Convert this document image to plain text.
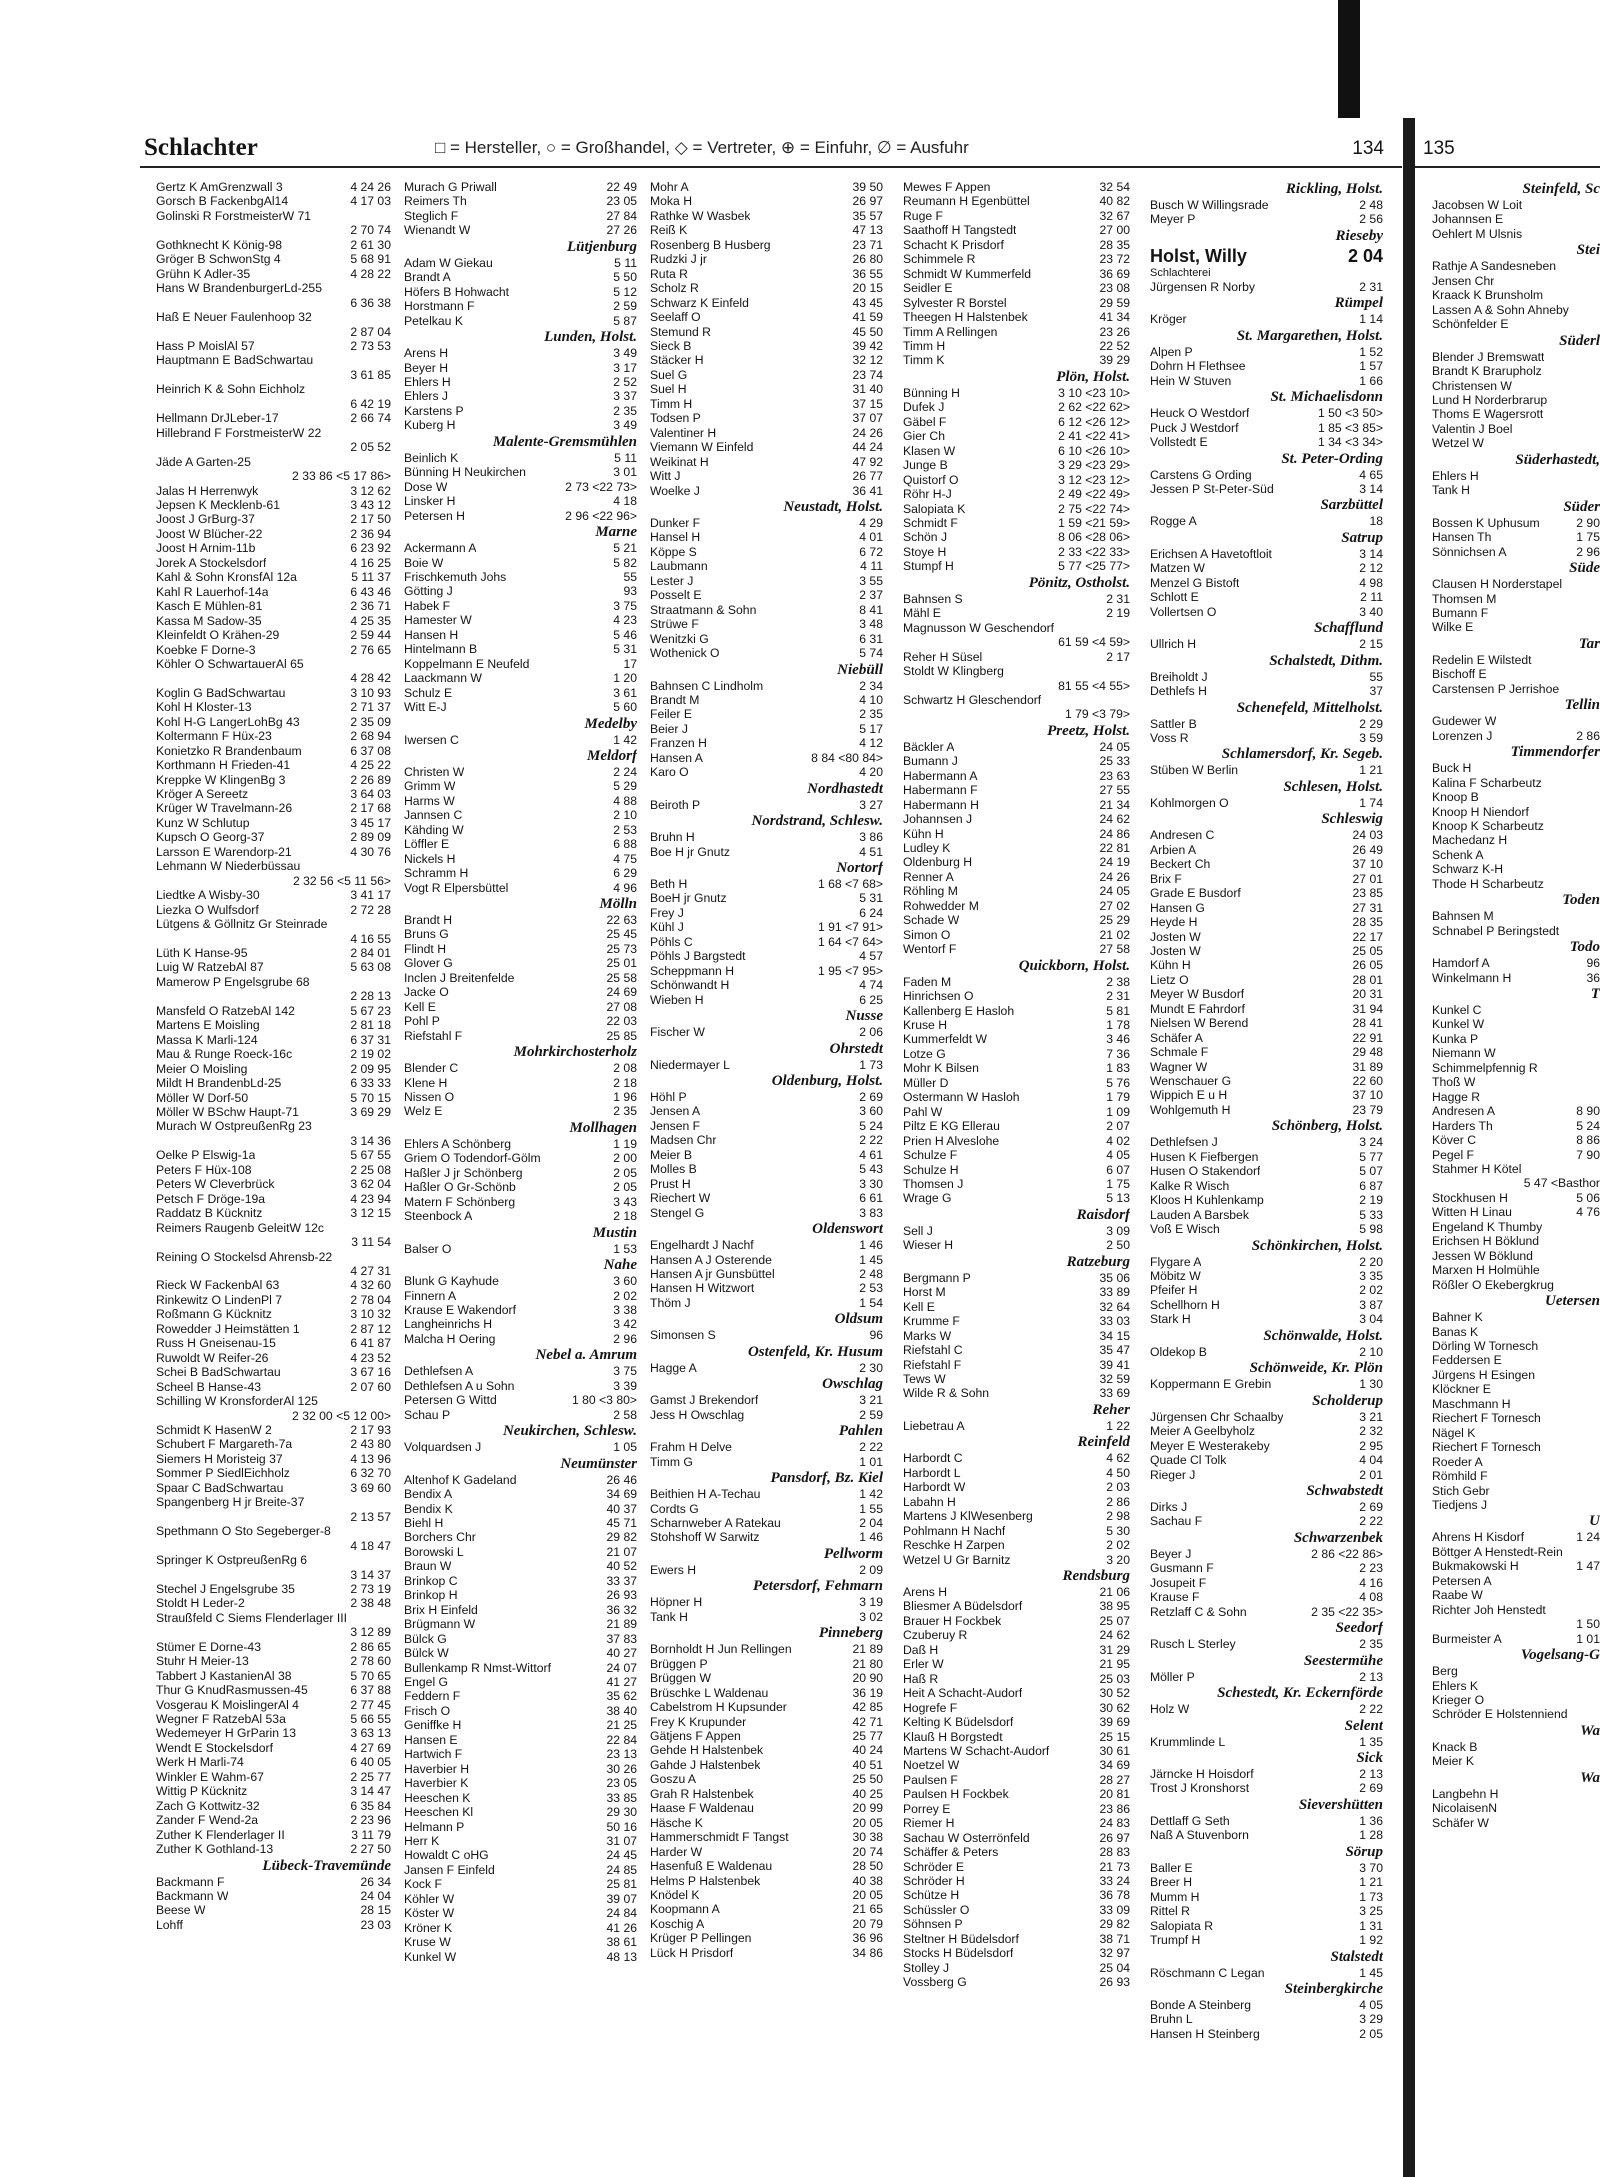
Schlachter	□ = Hersteller, ○ = Großhandel, ◇ = Vertreter, ⊕ = Einfuhr, ∅ = Ausfuhr	134 135
Gertz K AmGrenzwall 3	4 24 26
Gorsch B FackenbgAl14	4 17 03
Golinski R ForstmeisterW 71
2 70 74
Gothknecht K König-98	2 61 30
Gröger B SchwonStg 4	5 68 91
Grühn K Adler-35	4 28 22
Hans W BrandenburgerLd-255
6 36 38
Haß E Neuer Faulenhoop 32
2 87 04
Hass P MoislAl 57	2 73 53
Hauptmann E BadSchwartau
3 61 85
Heinrich K & Sohn Eichholz
6 42 19
Hellmann DrJLeber-17	2 66 74
Hillebrand F ForstmeisterW 22
2 05 52
Jäde A Garten-25
2 33 86 <5 17 86>
Jalas H Herrenwyk	3 12 62
Jepsen K Mecklenb-61	3 43 12
Joost J GrBurg-37	2 17 50
Joost W Blücher-22	2 36 94
Joost H Arnim-11b	6 23 92
Jorek A Stockelsdorf	4 16 25
Kahl & Sohn KronsfAl 12a	5 11 37
Kahl R Lauerhof-14a	6 43 46
Kasch E Mühlen-81	2 36 71
Kassa M Sadow-35	4 25 35
Kleinfeldt O Krähen-29	2 59 44
Koebke F Dorne-3	2 76 65
Köhler O SchwartauerAl 65
4 28 42
Koglin G BadSchwartau	3 10 93
Kohl H Kloster-13	2 71 37
Kohl H-G LangerLohBg 43	2 35 09
Koltermann F Hüx-23	2 68 94
Konietzko R Brandenbaum	6 37 08
Korthmann H Frieden-41	4 25 22
Kreppke W KlingenBg 3	2 26 89
Kröger A Sereetz	3 64 03
Krüger W Travelmann-26	2 17 68
Kunz W Schlutup	3 45 17
Kupsch O Georg-37	2 89 09
Larsson E Warendorp-21	4 30 76
Lehmann W Niederbüssau
2 32 56 <5 11 56>
Liedtke A Wisby-30	3 41 17
Liezka O Wulfsdorf	2 72 28
Lütgens & Göllnitz Gr Steinrade
4 16 55
Lüth K Hanse-95	2 84 01
Luig W RatzebAl 87	5 63 08
Mamerow P Engelsgrube 68
2 28 13
Mansfeld O RatzebAl 142	5 67 23
Martens E Moisling	2 81 18
Massa K Marli-124	6 37 31
Mau & Runge Roeck-16c	2 19 02
Meier O Moisling	2 09 95
Mildt H BrandenbLd-25	6 33 33
Möller W Dorf-50	5 70 15
Möller W BSchw Haupt-71	3 69 29
Murach W OstpreußenRg 23
3 14 36
Oelke P Elswig-1a	5 67 55
Peters F Hüx-108	2 25 08
Peters W Cleverbrück	3 62 04
Petsch F Dröge-19a	4 23 94
Raddatz B Kücknitz	3 12 15
Reimers Raugenb GeleitW 12c
3 11 54
Reining O Stockelsd Ahrensb-22
4 27 31
Rieck W FackenbAl 63	4 32 60
Rinkewitz O LindenPl 7	2 78 04
Roßmann G Kücknitz	3 10 32
Rowedder J Heimstätten 1	2 87 12
Russ H Gneisenau-15	6 41 87
Ruwoldt W Reifer-26	4 23 52
Schei B BadSchwartau	3 67 16
Scheel B Hanse-43	2 07 60
Schilling W KronsforderAl 125
2 32 00 <5 12 00>
Schmidt K HasenW 2	2 17 93
Schubert F Margareth-7a	2 43 80
Siemers H Moristeig 37	4 13 96
Sommer P SiedlEichholz	6 32 70
Spaar C BadSchwartau	3 69 60
Spangenberg H jr Breite-37
2 13 57
Spethmann O Sto Segeberger-8
4 18 47
Springer K OstpreußenRg 6
3 14 37
Stechel J Engelsgrube 35	2 73 19
Stoldt H Leder-2	2 38 48
Straußfeld C Siems Flenderlager III
3 12 89
Stümer E Dorne-43	2 86 65
Stuhr H Meier-13	2 78 60
Tabbert J KastanienAl 38	5 70 65
Thur G KnudRasmussen-45	6 37 88
Vosgerau K MoislingerAl 4	2 77 45
Wegner F RatzebAl 53a	5 66 55
Wedemeyer H GrParin 13	3 63 13
Wendt E Stockelsdorf	4 27 69
Werk H Marli-74	6 40 05
Winkler E Wahm-67	2 25 77
Wittig P Kücknitz	3 14 47
Zach G Kottwitz-32	6 35 84
Zander F Wend-2a	2 23 96
Zuther K Flenderlager II	3 11 79
Zuther K Gothland-13	2 27 50
Lübeck-Travemünde
Backmann F	26 34
Backmann W	24 04
Beese W	28 15
Lohff	23 03
Murach G Priwall	22 49
Reimers Th	23 05
Steglich F	27 84
Wienandt W	27 26
Lütjenburg
Adam W Giekau	5 11
Brandt A	5 50
Höfers B Hohwacht	5 12
Horstmann F	2 59
Petelkau K	5 87
Lunden, Holst.
Arens H	3 49
Beyer H	3 17
Ehlers H	2 52
Ehlers J	3 37
Karstens P	2 35
Kuberg H	3 49
Malente-Gremsmühlen
Beinlich K	5 11
Bünning H Neukirchen	3 01
Dose W	2 73 <22 73>
Linsker H	4 18
Petersen H	2 96 <22 96>
Marne
Ackermann A	5 21
Boie W	5 82
Frischkemuth Johs	55
Götting J	93
Habek F	3 75
Hamester W	4 23
Hansen H	5 46
Hintelmann B	5 31
Koppelmann E Neufeld	17
Laackmann W	1 20
Schulz E	3 61
Witt E-J	5 60
Medelby
Iwersen C	1 42
Meldorf
Christen W	2 24
Grimm W	5 29
Harms W	4 88
Jannsen C	2 10
Kähding W	2 53
Löffler E	6 88
Nickels H	4 75
Schramm H	6 29
Vogt R Elpersbüttel	4 96
Mölln
Brandt H	22 63
Bruns G	25 45
Flindt H	25 73
Glover G	25 01
Inclen J Breitenfelde	25 58
Jacke O	24 69
Kell E	27 08
Pohl P	22 03
Riefstahl F	25 85
Mohrkirchosterholz
Blender C	2 08
Klene H	2 18
Nissen O	1 96
Welz E	2 35
Mollhagen
Ehlers A Schönberg	1 19
Griem O Todendorf-Gölm	2 00
Haßler J jr Schönberg	2 05
Haßler O Gr-Schönb	2 05
Matern F Schönberg	3 43
Steenbock A	2 18
Mustin
Balser O	1 53
Nahe
Blunk G Kayhude	3 60
Finnern A	2 02
Krause E Wakendorf	3 38
Langheinrichs H	3 42
Malcha H Oering	2 96
Nebel a. Amrum
Dethlefsen A	3 75
Dethlefsen A u Sohn	3 39
Petersen G Wittd	1 80 <3 80>
Schau P	2 58
Neukirchen, Schlesw.
Volquardsen J	1 05
Neumünster
Altenhof K Gadeland	26 46
Bendix A	34 69
Bendix K	40 37
Biehl H	45 71
Borchers Chr	29 82
Borowski L	21 07
Braun W	40 52
Brinkop C	33 37
Brinkop H	26 93
Brix H Einfeld	36 32
Brügmann W	21 89
Bülck G	37 83
Bülck W	40 27
Bullenkamp R Nmst-Wittorf	24 07
Engel G	41 27
Feddern F	35 62
Frisch O	38 40
Geniffke H	21 25
Hansen E	22 84
Hartwich F	23 13
Haverbier H	30 26
Haverbier K	23 05
Heeschen K	33 85
Heeschen Kl	29 30
Helmann P	50 16
Herr K	31 07
Howaldt C oHG	24 45
Jansen F Einfeld	24 85
Kock F	25 81
Köhler W	39 07
Köster W	24 84
Kröner K	41 26
Kruse W	38 61
Kunkel W	48 13
Mohr A	39 50
Moka H	26 97
Rathke W Wasbek	35 57
Reiß K	47 13
Rosenberg B Husberg	23 71
Rudzki J jr	26 80
Ruta R	36 55
Scholz R	20 15
Schwarz K Einfeld	43 45
Seelaff O	41 59
Stemund R	45 50
Sieck B	39 42
Stäcker H	32 12
Suel G	23 74
Suel H	31 40
Timm H	37 15
Todsen P	37 07
Valentiner H	24 26
Viemann W Einfeld	44 24
Weikinat H	47 92
Witt J	26 77
Woelke J	36 41
Neustadt, Holst.
Dunker F	4 29
Hansel H	4 01
Köppe S	6 72
Laubmann	4 11
Lester J	3 55
Posselt E	2 37
Straatmann & Sohn	8 41
Strüwe F	3 48
Wenitzki G	6 31
Wothenick O	5 74
Niebüll
Bahnsen C Lindholm	2 34
Brandt M	4 10
Feiler E	2 35
Beier J	5 17
Franzen H	4 12
Hansen A	8 84 <80 84>
Karo O	4 20
Nordhastedt
Beiroth P	3 27
Nordstrand, Schlesw.
Bruhn H	3 86
Boe H jr Gnutz	4 51
Nortorf
Beth H	1 68 <7 68>
BoeH jr Gnutz	5 31
Frey J	6 24
Kühl J	1 91 <7 91>
Pöhls C	1 64 <7 64>
Pöhls J Bargstedt	4 57
Scheppmann H	1 95 <7 95>
Schönwandt H	4 74
Wieben H	6 25
Nusse
Fischer W	2 06
Ohrstedt
Niedermayer L	1 73
Oldenburg, Holst.
Höhl P	2 69
Jensen A	3 60
Jensen F	5 24
Madsen Chr	2 22
Meier B	4 61
Molles B	5 43
Prust H	3 30
Riechert W	6 61
Stengel G	3 83
Oldenswort
Engelhardt J Nachf	1 46
Hansen A J Osterende	1 45
Hansen A jr Gunsbüttel	2 48
Hansen H Witzwort	2 53
Thöm J	1 54
Oldsum
Simonsen S	96
Ostenfeld, Kr. Husum
Hagge A	2 30
Owschlag
Gamst J Brekendorf	3 21
Jess H Owschlag	2 59
Pahlen
Frahm H Delve	2 22
Timm G	1 01
Pansdorf, Bz. Kiel
Beithien H A-Techau	1 42
Cordts G	1 55
Scharnweber A Ratekau	2 04
Stohshoff W Sarwitz	1 46
Pellworm
Ewers H	2 09
Petersdorf, Fehmarn
Höpner H	3 19
Tank H	3 02
Pinneberg
Bornholdt H Jun Rellingen	21 89
Brüggen P	21 80
Brüggen W	20 90
Brüschke L Waldenau	36 19
Cabelstrom H Kupsunder	42 85
Frey K Krupunder	42 71
Gätjens F Appen	25 77
Gehde H Halstenbek	40 24
Gahde J Halstenbek	40 51
Goszu A	25 50
Grah R Halstenbek	40 25
Haase F Waldenau	20 99
Häsche K	20 05
Hammerschmidt F Tangst	30 38
Harder W	20 74
Hasenfuß E Waldenau	28 50
Helms P Halstenbek	40 38
Knödel K	20 05
Koopmann A	21 65
Koschig A	20 79
Krüger P Pellingen	36 96
Lück H Prisdorf	34 86
Mewes F Appen	32 54
Reumann H Egenbüttel	40 82
Ruge F	32 67
Saathoff H Tangstedt	27 00
Schacht K Prisdorf	28 35
Schimmele R	23 72
Schmidt W Kummerfeld	36 69
Seidler E	23 08
Sylvester R Borstel	29 59
Theegen H Halstenbek	41 34
Timm A Rellingen	23 26
Timm H	22 52
Timm K	39 29
Plön, Holst.
Bünning H	3 10 <23 10>
Dufek J	2 62 <22 62>
Gäbel F	6 12 <26 12>
Gier Ch	2 41 <22 41>
Klasen W	6 10 <26 10>
Junge B	3 29 <23 29>
Quistorf O	3 12 <23 12>
Röhr H-J	2 49 <22 49>
Salopiata K	2 75 <22 74>
Schmidt F	1 59 <21 59>
Schön J	8 06 <28 06>
Stoye H	2 33 <22 33>
Stumpf H	5 77 <25 77>
Pönitz, Ostholst.
Bahnsen S	2 31
Mähl E	2 19
Magnusson W Geschendorf
61 59 <4 59>
Reher H Süsel	2 17
Stoldt W Klingberg
81 55 <4 55>
Schwartz H Gleschendorf
1 79 <3 79>
Preetz, Holst.
Bäckler A	24 05
Bumann J	25 33
Habermann A	23 63
Habermann F	27 55
Habermann H	21 34
Johannsen J	24 62
Kühn H	24 86
Ludley K	22 81
Oldenburg H	24 19
Renner A	24 26
Röhling M	24 05
Rohwedder M	27 02
Schade W	25 29
Simon O	21 02
Wentorf F	27 58
Quickborn, Holst.
Faden M	2 38
Hinrichsen O	2 31
Kallenberg E Hasloh	5 81
Kruse H	1 78
Kummerfeldt W	3 46
Lotze G	7 36
Mohr K Bilsen	1 83
Müller D	5 76
Ostermann W Hasloh	1 79
Pahl W	1 09
Piltz E KG Ellerau	2 07
Prien H Alveslohe	4 02
Schulze F	4 05
Schulze H	6 07
Thomsen J	1 75
Wrage G	5 13
Raisdorf
Sell J	3 09
Wieser H	2 50
Ratzeburg
Bergmann P	35 06
Horst M	33 89
Kell E	32 64
Krumme F	33 03
Marks W	34 15
Riefstahl C	35 47
Riefstahl F	39 41
Tews W	32 59
Wilde R & Sohn	33 69
Reher
Liebetrau A	1 22
Reinfeld
Harbordt C	4 62
Harbordt L	4 50
Harbordt W	2 03
Labahn H	2 86
Martens J KlWesenberg	2 98
Pohlmann H Nachf	5 30
Reschke H Zarpen	2 02
Wetzel U Gr Barnitz	3 20
Rendsburg
Arens H	21 06
Bliesmer A Büdelsdorf	38 95
Brauer H Fockbek	25 07
Czuberuy R	24 62
Daß H	31 29
Erler W	21 95
Haß R	25 03
Heit A Schacht-Audorf	30 52
Hogrefe F	30 62
Kelting K Büdelsdorf	39 69
Klauß H Borgstedt	25 15
Martens W Schacht-Audorf	30 61
Noetzel W	34 69
Paulsen F	28 27
Paulsen H Fockbek	20 81
Porrey E	23 86
Riemer H	24 83
Sachau W Osterrönfeld	26 97
Schäffer & Peters	28 83
Schröder E	21 73
Schröder H	33 24
Schütze H	36 78
Schüssler O	33 09
Söhnsen P	29 82
Steltner H Büdelsdorf	38 71
Stocks H Büdelsdorf	32 97
Stolley J	25 04
Vossberg G	26 93
Rickling, Holst.
Busch W Willingsrade	2 48
Meyer P	2 56
Rieseby
Holst, Willy	2 04
Schlachterei
Jürgensen R Norby	2 31
Rümpel
Kröger	1 14
St. Margarethen, Holst.
Alpen P	1 52
Dohrn H Flethsee	1 57
Hein W Stuven	1 66
St. Michaelisdonn
Heuck O Westdorf	1 50 <3 50>
Puck J Westdorf	1 85 <3 85>
Vollstedt E	1 34 <3 34>
St. Peter-Ording
Carstens G Ording	4 65
Jessen P St-Peter-Süd	3 14
Sarzbüttel
Rogge A	18
Satrup
Erichsen A Havetoftloit	3 14
Matzen W	2 12
Menzel G Bistoft	4 98
Schlott E	2 11
Vollertsen O	3 40
Schafflund
Ullrich H	2 15
Schalstedt, Dithm.
Breiholdt J	55
Dethlefs H	37
Schenefeld, Mittelholst.
Sattler B	2 29
Voss R	3 59
Schlamersdorf, Kr. Segeb.
Stüben W Berlin	1 21
Schlesen, Holst.
Kohlmorgen O	1 74
Schleswig
Andresen C	24 03
Arbien A	26 49
Beckert Ch	37 10
Brix F	27 01
Grade E Busdorf	23 85
Hansen G	27 31
Heyde H	28 35
Josten W	22 17
Josten W	25 05
Kühn H	26 05
Lietz O	28 01
Meyer W Busdorf	20 31
Mundt E Fahrdorf	31 94
Nielsen W Berend	28 41
Schäfer A	22 91
Schmale F	29 48
Wagner W	31 89
Wenschauer G	22 60
Wippich E u H	37 10
Wohlgemuth H	23 79
Schönberg, Holst.
Dethlefsen J	3 24
Husen K Fiefbergen	5 77
Husen O Stakendorf	5 07
Kalke R Wisch	6 87
Kloos H Kuhlenkamp	2 19
Lauden A Barsbek	5 33
Voß E Wisch	5 98
Schönkirchen, Holst.
Flygare A	2 20
Möbitz W	3 35
Pfeifer H	2 02
Schellhorn H	3 87
Stark H	3 04
Schönwalde, Holst.
Oldekop B	2 10
Schönweide, Kr. Plön
Koppermann E Grebin	1 30
Scholderup
Jürgensen Chr Schaalby	3 21
Meier A Geelbyholz	2 32
Meyer E Westerakeby	2 95
Quade Cl Tolk	4 04
Rieger J	2 01
Schwabstedt
Dirks J	2 69
Sachau F	2 22
Schwarzenbek
Beyer J	2 86 <22 86>
Gusmann F	2 23
Josupeit F	4 16
Krause F	4 08
Retzlaff C & Sohn	2 35 <22 35>
Seedorf
Rusch L Sterley	2 35
Seestermühe
Möller P	2 13
Schestedt, Kr. Eckernförde
Holz W	2 22
Selent
Krummlinde L	1 35
Sick
Järncke H Hoisdorf	2 13
Trost J Kronshorst	2 69
Sievershütten
Dettlaff G Seth	1 36
Naß A Stuvenborn	1 28
Sörup
Baller E	3 70
Breer H	1 21
Mumm H	1 73
Rittel R	3 25
Salopiata R	1 31
Trumpf H	1 92
Stalstedt
Röschmann C Legan	1 45
Steinbergkirche
Bonde A Steinberg	4 05
Bruhn L	3 29
Hansen H Steinberg	2 05
Steinfeld, Sc
Jacobsen W Loit
Johannsen E
Oehlert M Ulsnis
Stei
Rathje A Sandesneben
Jensen Chr
Kraack K Brunsholm
Lassen A & Sohn Ahneby
Schönfelder E
Süderl
Blender J Bremswatt
Brandt K Brarupholz
Christensen W
Lund H Norderbrarup
Thoms E Wagersrott
Valentin J Boel
Wetzel W
Süderhastedt,
Ehlers H
Tank H
Süder
Bossen K Uphusum	2 90
Hansen Th	1 75
Sönnichsen A	2 96
Süde
Clausen H Norderstapel
Thomsen M
Bumann F
Wilke E
Tar
Redelin E Wilstedt
Bischoff E
Carstensen P Jerrishoe
Tellin
Gudewer W
Lorenzen J	2 86
Timmendorfer
Buck H
Kalina F Scharbeutz
Knoop B
Knoop H Niendorf
Knoop K Scharbeutz
Machedanz H
Schenk A
Schwarz K-H
Thode H Scharbeutz
Toden
Bahnsen M
Schnabel P Beringstedt
Todo
Hamdorf A	96
Winkelmann H	36
T
Kunkel C
Kunkel W
Kunka P
Niemann W
Schimmelpfennig R
Thoß W
Hagge R
Andresen A	8 90
Harders Th	5 24
Köver C	8 86
Pegel F	7 90
Stahmer H Kötel
5 47 <Basthor
Stockhusen H	5 06
Witten H Linau	4 76
Engeland K Thumby
Erichsen H Böklund
Jessen W Böklund
Marxen H Holmühle
Rößler O Ekebergkrug
Uetersen
Bahner K
Banas K
Dörling W Tornesch
Feddersen E
Jürgens H Esingen
Klöckner E
Maschmann H
Riechert F Tornesch
Nägel K
Riechert F Tornesch
Roeder A
Römhild F
Stich Gebr
Tiedjens J
U
Ahrens H Kisdorf	1 24
Böttger A Henstedt-Rein
Bukmakowski H	1 47
Petersen A
Raabe W
Richter Joh Henstedt
1 50
Burmeister A	1 01
Vogelsang-G
Berg
Ehlers K
Krieger O
Schröder E Holstenniend
Wa
Knack B
Meier K
Wa
Langbehn H
NicolaisenN
Schäfer W
